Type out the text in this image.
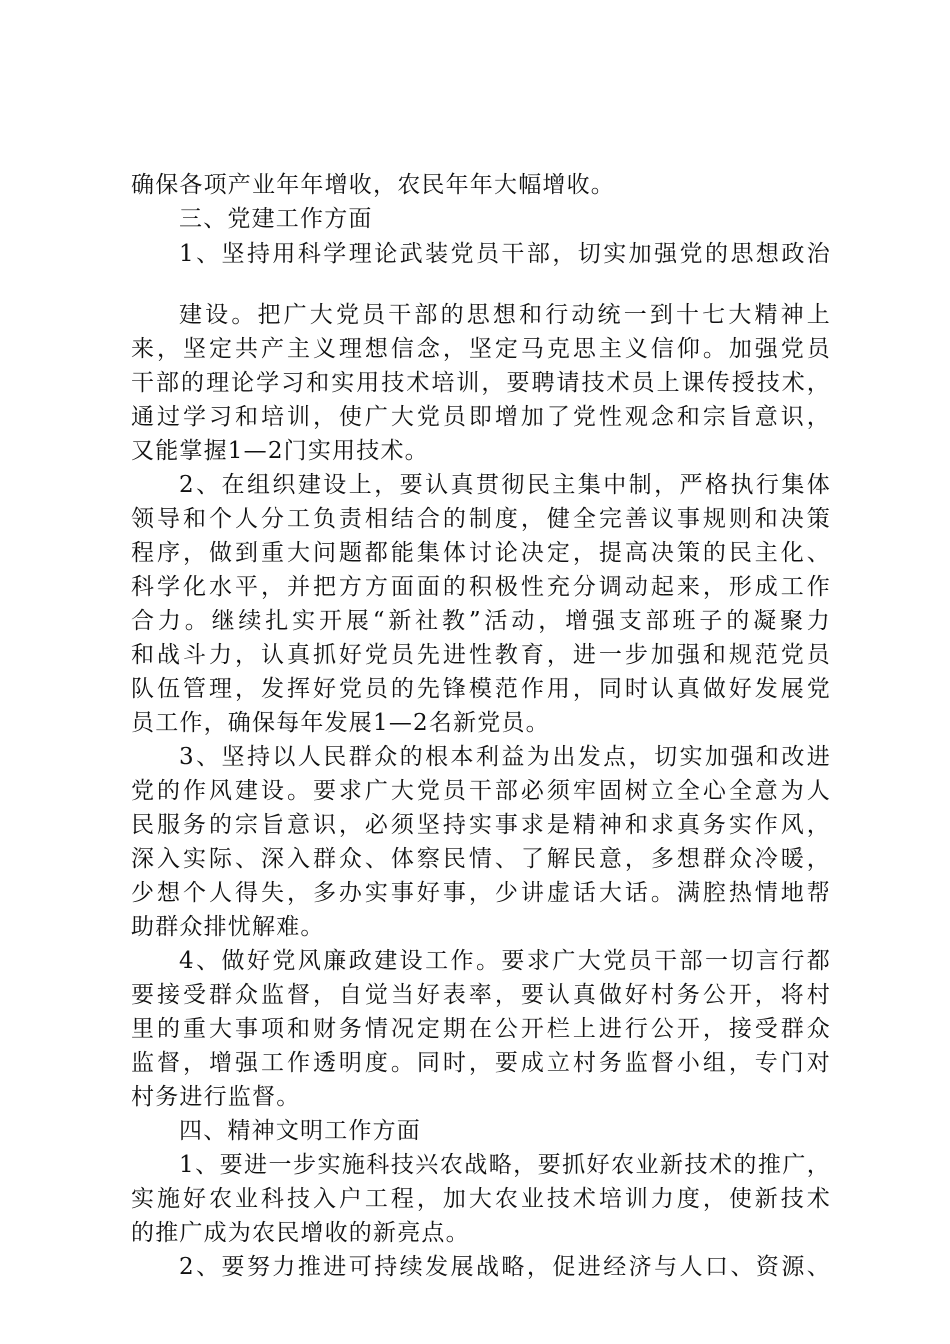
确保各项产业年年增收，农民年年大幅增收。

三、党建工作方面

1、坚持用科学理论武装党员干部，切实加强党的思想政治

建设。把广大党员干部的思想和行动统一到十七大精神上

来，坚定共产主义理想信念，坚定马克思主义信仰。加强党员

干部的理论学习和实用技术培训，要聘请技术员上课传授技术，

通过学习和培训，使广大党员即增加了党性观念和宗旨意识，

又能掌握1—2门实用技术。

2、在组织建设上，要认真贯彻民主集中制，严格执行集体

领导和个人分工负责相结合的制度，健全完善议事规则和决策

程序，做到重大问题都能集体讨论决定，提高决策的民主化、

科学化水平，并把方方面面的积极性充分调动起来，形成工作

合力。继续扎实开展“新社教”活动，增强支部班子的凝聚力

和战斗力，认真抓好党员先进性教育，进一步加强和规范党员

队伍管理，发挥好党员的先锋模范作用，同时认真做好发展党

员工作，确保每年发展1—2名新党员。

3、坚持以人民群众的根本利益为出发点，切实加强和改进

党的作风建设。要求广大党员干部必须牢固树立全心全意为人

民服务的宗旨意识，必须坚持实事求是精神和求真务实作风，

深入实际、深入群众、体察民情、了解民意，多想群众冷暖，

少想个人得失，多办实事好事，少讲虚话大话。满腔热情地帮

助群众排忧解难。

4、做好党风廉政建设工作。要求广大党员干部一切言行都

要接受群众监督，自觉当好表率，要认真做好村务公开，将村

里的重大事项和财务情况定期在公开栏上进行公开，接受群众

监督，增强工作透明度。同时，要成立村务监督小组，专门对

村务进行监督。

四、精神文明工作方面

1、要进一步实施科技兴农战略，要抓好农业新技术的推广，

实施好农业科技入户工程，加大农业技术培训力度，使新技术

的推广成为农民增收的新亮点。

2、要努力推进可持续发展战略，促进经济与人口、资源、
